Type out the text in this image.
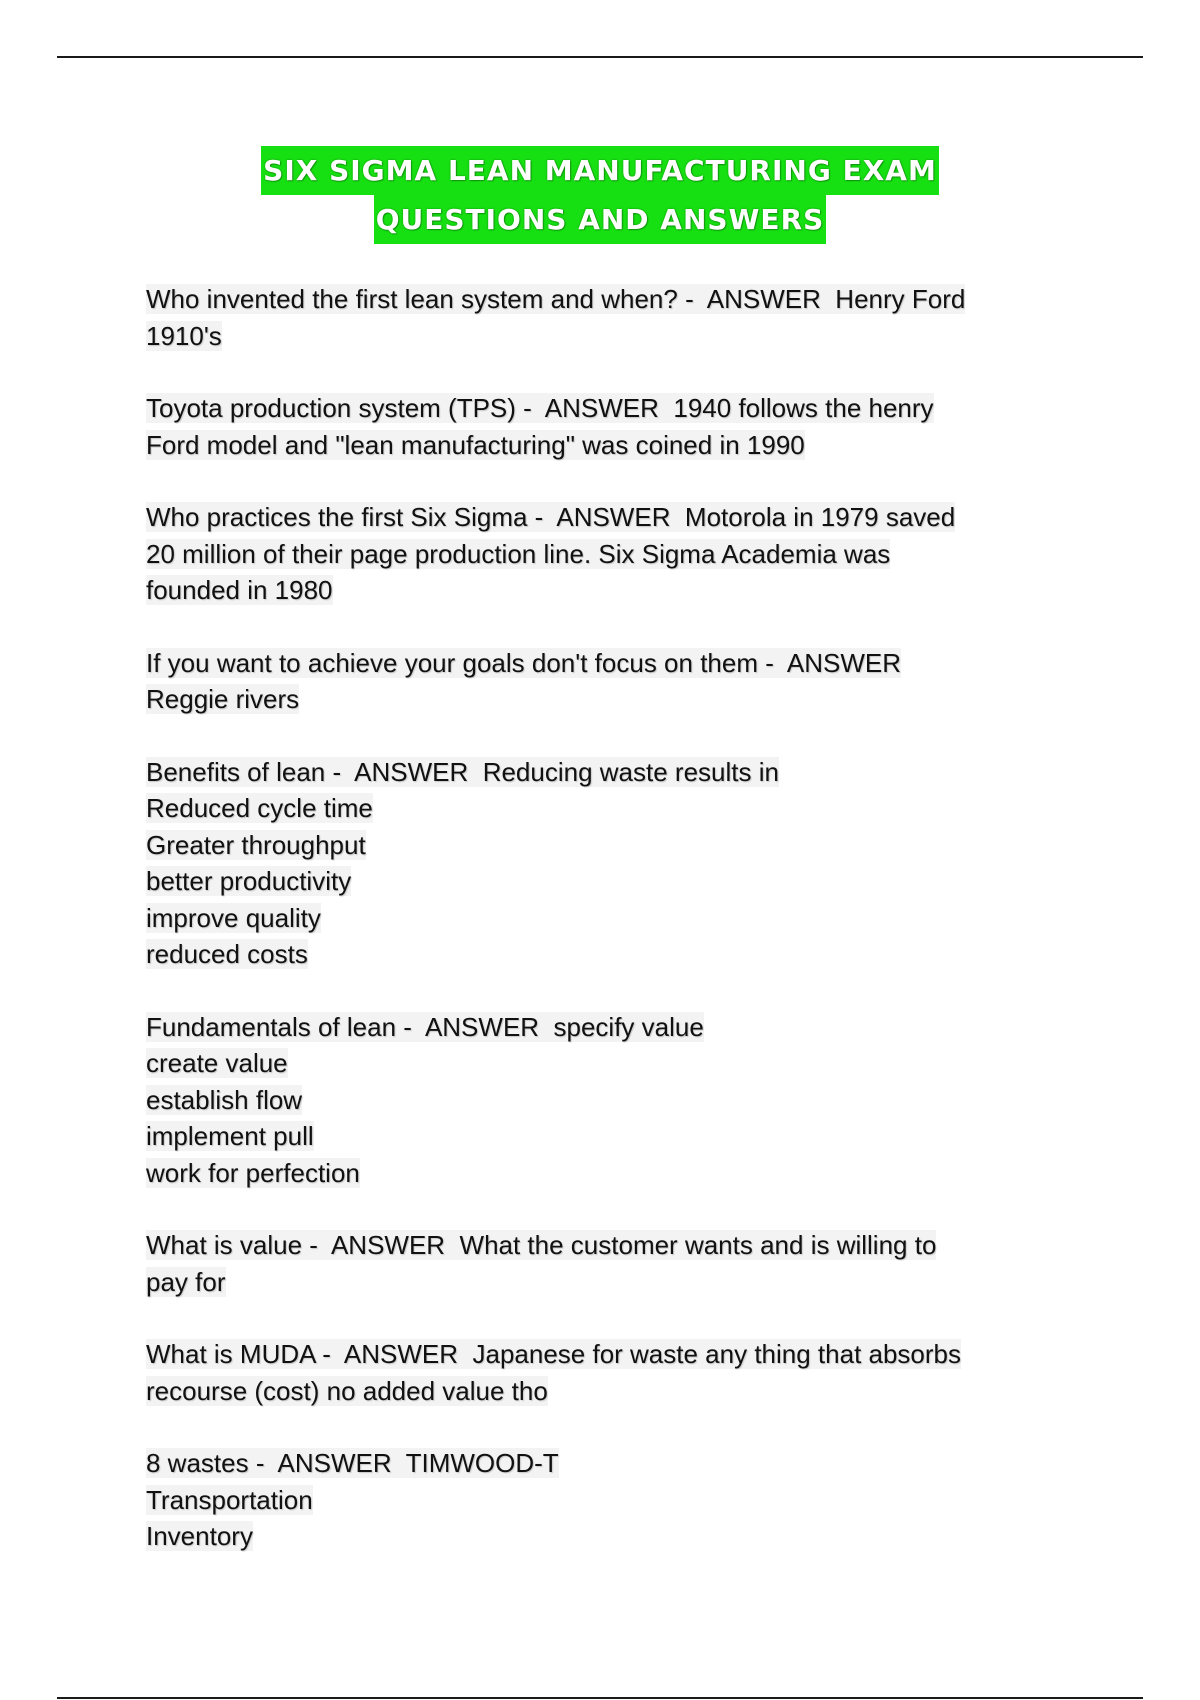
SIX SIGMA LEAN MANUFACTURING EXAM
QUESTIONS AND ANSWERS
Who invented the first lean system and when? -  ANSWER  Henry Ford
1910's
Toyota production system (TPS) -  ANSWER  1940 follows the henry
Ford model and "lean manufacturing" was coined in 1990
Who practices the first Six Sigma -  ANSWER  Motorola in 1979 saved
20 million of their page production line. Six Sigma Academia was
founded in 1980
If you want to achieve your goals don't focus on them -  ANSWER
Reggie rivers
Benefits of lean -  ANSWER  Reducing waste results in
Reduced cycle time
Greater throughput
better productivity
improve quality
reduced costs
Fundamentals of lean -  ANSWER  specify value
create value
establish flow
implement pull
work for perfection
What is value -  ANSWER  What the customer wants and is willing to
pay for
What is MUDA -  ANSWER  Japanese for waste any thing that absorbs
recourse (cost) no added value tho
8 wastes -  ANSWER  TIMWOOD-T
Transportation
Inventory
